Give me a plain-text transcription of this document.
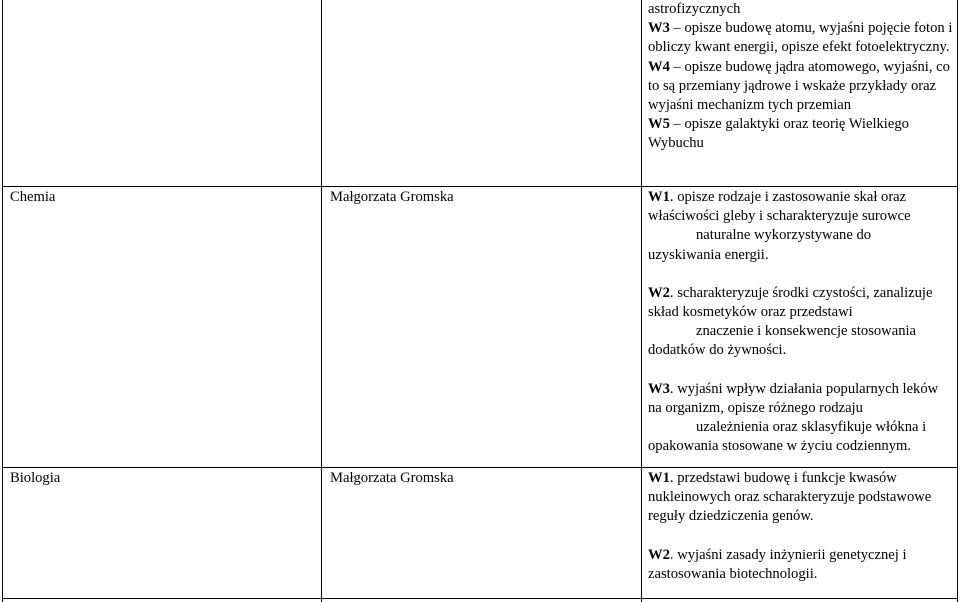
astrofizycznych
W3 – opisze budowę atomu, wyjaśni pojęcie foton i obliczy kwant energii, opisze efekt fotoelektryczny.
W4 – opisze budowę jądra atomowego, wyjaśni, co to są przemiany jądrowe i wskaże przykłady oraz wyjaśni mechanizm tych przemian
W5 – opisze galaktyki oraz teorię Wielkiego Wybuchu
Chemia	Małgorzata Gromska	W1. opisze rodzaje i zastosowanie skał oraz właściwości gleby i scharakteryzuje surowce
naturalne wykorzystywane do
uzyskiwania energii.
W2. scharakteryzuje środki czystości, zanalizuje skład kosmetyków oraz przedstawi
znaczenie i konsekwencje stosowania
dodatków do żywności.
W3. wyjaśni wpływ działania popularnych leków na organizm, opisze różnego rodzaju
uzależnienia oraz sklasyfikuje włókna i
opakowania stosowane w życiu codziennym.
Biologia	Małgorzata Gromska	W1. przedstawi budowę i funkcje kwasów nukleinowych oraz scharakteryzuje podstawowe reguły dziedziczenia genów.
W2. wyjaśni zasady inżynierii genetycznej i zastosowania biotechnologii.
